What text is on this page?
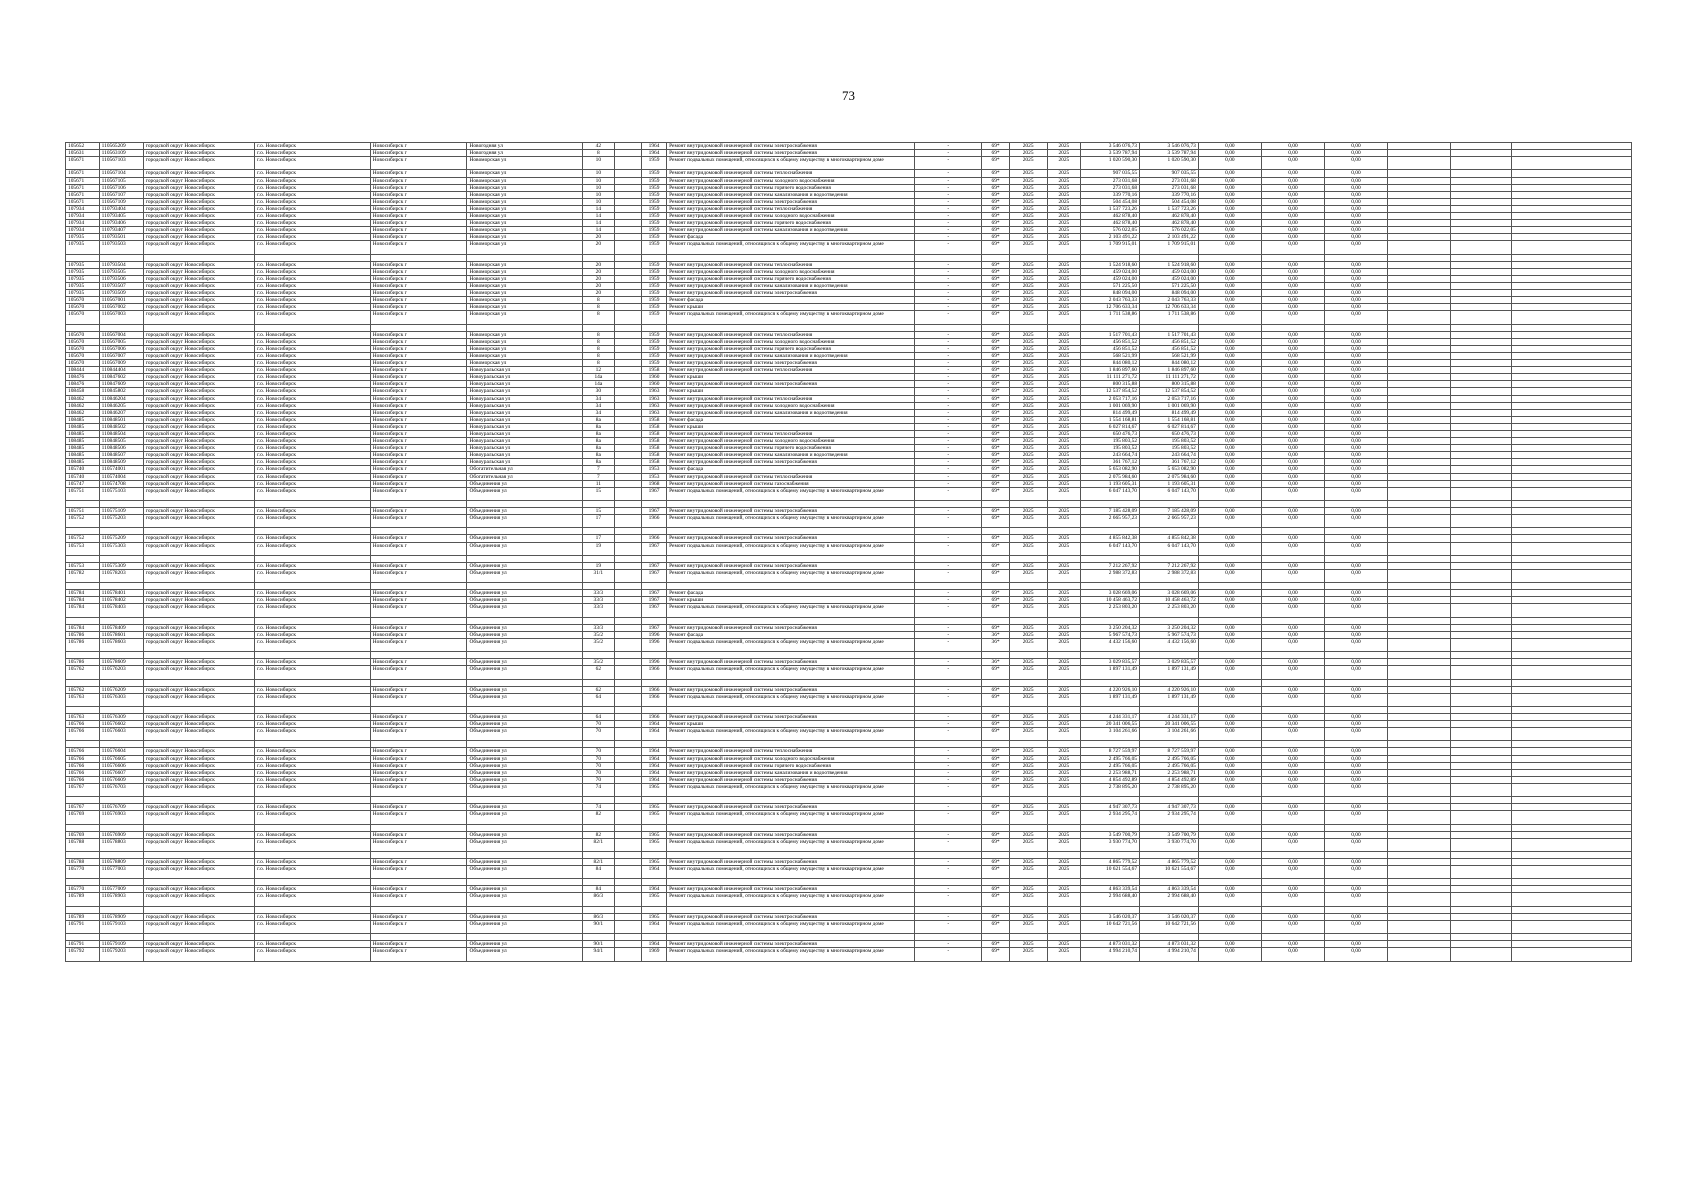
73
105652	110565209	городской округ Новосибирск	г.о. Новосибирск	Новосибирск г	Новогодняя ул	42		1964	Ремонт внутридомовой инженерной системы электроснабжения	-	69*	2025	2025	3 546 076,73	3 546 076,73	0,00	0,00	0,00			
105631	110563109	городской округ Новосибирск	г.о. Новосибирск	Новосибирск г	Новогодняя ул	8		1964	Ремонт внутридомовой инженерной системы электроснабжения	-	69*	2025	2025	3 539 787,94	3 539 787,94	0,00	0,00	0,00			
105671	110567103	городской округ Новосибирск	г.о. Новосибирск	Новосибирск г	Новоморская ул	10		1959	Ремонт подвальных помещений, относящихся к общему имуществу в многоквартирном доме	-	69*	2025	2025	1 020 590,30	1 020 590,30	0,00	0,00	0,00			
105671	110567104	городской округ Новосибирск	г.о. Новосибирск	Новосибирск г	Новоморская ул	10		1959	Ремонт внутридомовой инженерной системы теплоснабжения	-	69*	2025	2025	907 035,55	907 035,55	0,00	0,00	0,00			
105671	110567105	городской округ Новосибирск	г.о. Новосибирск	Новосибирск г	Новоморская ул	10		1959	Ремонт внутридомовой инженерной системы холодного водоснабжения	-	69*	2025	2025	273 031,68	273 031,68	0,00	0,00	0,00			
105671	110567106	городской округ Новосибирск	г.о. Новосибирск	Новосибирск г	Новоморская ул	10		1959	Ремонт внутридомовой инженерной системы горячего водоснабжения	-	69*	2025	2025	273 031,68	273 031,68	0,00	0,00	0,00			
105671	110567107	городской округ Новосибирск	г.о. Новосибирск	Новосибирск г	Новоморская ул	10		1959	Ремонт внутридомовой инженерной системы канализования и водоотведения	-	69*	2025	2025	339 770,16	339 770,16	0,00	0,00	0,00			
105671	110567109	городской округ Новосибирск	г.о. Новосибирск	Новосибирск г	Новоморская ул	10		1959	Ремонт внутридомовой инженерной системы электроснабжения	-	69*	2025	2025	504 454,08	504 454,08	0,00	0,00	0,00			
107934	110793404	городской округ Новосибирск	г.о. Новосибирск	Новосибирск г	Новоморская ул	14		1959	Ремонт внутридомовой инженерной системы теплоснабжения	-	69*	2025	2025	1 537 723,26	1 537 723,26	0,00	0,00	0,00			
107934	110793405	городской округ Новосибирск	г.о. Новосибирск	Новосибирск г	Новоморская ул	14		1959	Ремонт внутридомовой инженерной системы холодного водоснабжения	-	69*	2025	2025	462 878,40	462 878,40	0,00	0,00	0,00			
107934	110793406	городской округ Новосибирск	г.о. Новосибирск	Новосибирск г	Новоморская ул	14		1959	Ремонт внутридомовой инженерной системы горячего водоснабжения	-	69*	2025	2025	462 878,40	462 878,40	0,00	0,00	0,00			
107934	110793407	городской округ Новосибирск	г.о. Новосибирск	Новосибирск г	Новоморская ул	14		1959	Ремонт внутридомовой инженерной системы канализования и водоотведения	-	69*	2025	2025	576 022,05	576 022,05	0,00	0,00	0,00			
107935	110793501	городской округ Новосибирск	г.о. Новосибирск	Новосибирск г	Новоморская ул	20		1959	Ремонт фасада	-	69*	2025	2025	2 103 491,22	2 103 491,22	0,00	0,00	0,00			
107935	110793503	городской округ Новосибирск	г.о. Новосибирск	Новосибирск г	Новоморская ул	20		1959	Ремонт подвальных помещений, относящихся к общему имуществу в многоквартирном доме	-	69*	2025	2025	1 709 915,01	1 709 915,01	0,00	0,00	0,00			

107935	110793504	городской округ Новосибирск	г.о. Новосибирск	Новосибирск г	Новоморская ул	20		1959	Ремонт внутридомовой инженерной системы теплоснабжения	-	69*	2025	2025	1 524 918,60	1 524 918,60	0,00	0,00	0,00			
107935	110793505	городской округ Новосибирск	г.о. Новосибирск	Новосибирск г	Новоморская ул	20		1959	Ремонт внутридомовой инженерной системы холодного водоснабжения	-	69*	2025	2025	459 024,00	459 024,00	0,00	0,00	0,00			
107935	110793506	городской округ Новосибирск	г.о. Новосибирск	Новосибирск г	Новоморская ул	20		1959	Ремонт внутридомовой инженерной системы горячего водоснабжения	-	69*	2025	2025	459 024,00	459 024,00	0,00	0,00	0,00			
107935	110793507	городской округ Новосибирск	г.о. Новосибирск	Новосибирск г	Новоморская ул	20		1959	Ремонт внутридомовой инженерной системы канализования и водоотведения	-	69*	2025	2025	571 225,50	571 225,50	0,00	0,00	0,00			
107935	110793509	городской округ Новосибирск	г.о. Новосибирск	Новосибирск г	Новоморская ул	20		1959	Ремонт внутридомовой инженерной системы электроснабжения	-	69*	2025	2025	848 094,00	848 094,00	0,00	0,00	0,00			
105670	110567001	городской округ Новосибирск	г.о. Новосибирск	Новосибирск г	Новоморская ул	8		1959	Ремонт фасада	-	69*	2025	2025	2 043 763,33	2 043 763,33	0,00	0,00	0,00			
105670	110567002	городской округ Новосибирск	г.о. Новосибирск	Новосибирск г	Новоморская ул	8		1959	Ремонт крыши	-	69*	2025	2025	12 706 633,34	12 706 633,34	0,00	0,00	0,00			
105670	110567003	городской округ Новосибирск	г.о. Новосибирск	Новосибирск г	Новоморская ул	8		1959	Ремонт подвальных помещений, относящихся к общему имуществу в многоквартирном доме	-	69*	2025	2025	1 711 538,86	1 711 538,86	0,00	0,00	0,00			

105670	110567004	городской округ Новосибирск	г.о. Новосибирск	Новосибирск г	Новоморская ул	8		1959	Ремонт внутридомовой инженерной системы теплоснабжения	-	69*	2025	2025	1 517 701,43	1 517 701,43	0,00	0,00	0,00			
105670	110567005	городской округ Новосибирск	г.о. Новосибирск	Новосибирск г	Новоморская ул	8		1959	Ремонт внутридомовой инженерной системы холодного водоснабжения	-	69*	2025	2025	456 851,52	456 851,52	0,00	0,00	0,00			
105670	110567006	городской округ Новосибирск	г.о. Новосибирск	Новосибирск г	Новоморская ул	8		1959	Ремонт внутридомовой инженерной системы горячего водоснабжения	-	69*	2025	2025	456 851,52	456 851,52	0,00	0,00	0,00			
105670	110567007	городской округ Новосибирск	г.о. Новосибирск	Новосибирск г	Новоморская ул	8		1959	Ремонт внутридомовой инженерной системы канализования и водоотведения	-	69*	2025	2025	568 521,99	568 521,99	0,00	0,00	0,00			
105670	110567009	городской округ Новосибирск	г.о. Новосибирск	Новосибирск г	Новоморская ул	8		1959	Ремонт внутридомовой инженерной системы электроснабжения	-	69*	2025	2025	844 080,12	844 080,12	0,00	0,00	0,00			
108444	110844404	городской округ Новосибирск	г.о. Новосибирск	Новосибирск г	Новоуральская ул	12		1958	Ремонт внутридомовой инженерной системы теплоснабжения	-	69*	2025	2025	1 846 897,60	1 846 897,60	0,00	0,00	0,00			
108476	110847602	городской округ Новосибирск	г.о. Новосибирск	Новосибирск г	Новоуральская ул	14а		1960	Ремонт крыши	-	69*	2025	2025	11 111 271,72	11 111 271,72	0,00	0,00	0,00			
108476	110847609	городской округ Новосибирск	г.о. Новосибирск	Новосибирск г	Новоуральская ул	14а		1960	Ремонт внутридомовой инженерной системы электроснабжения	-	69*	2025	2025	800 315,88	800 315,88	0,00	0,00	0,00			
108458	110845802	городской округ Новосибирск	г.о. Новосибирск	Новосибирск г	Новоуральская ул	30		1963	Ремонт крыши	-	69*	2025	2025	12 537 854,52	12 537 854,52	0,00	0,00	0,00			
108462	110846204	городской округ Новосибирск	г.о. Новосибирск	Новосибирск г	Новоуральская ул	34		1963	Ремонт внутридомовой инженерной системы теплоснабжения	-	69*	2025	2025	2 053 717,16	2 053 717,16	0,00	0,00	0,00			
108462	110846205	городской округ Новосибирск	г.о. Новосибирск	Новосибирск г	Новоуральская ул	34		1963	Ремонт внутридомовой инженерной системы холодного водоснабжения	-	69*	2025	2025	1 001 069,90	1 001 069,90	0,00	0,00	0,00			
108462	110846207	городской округ Новосибирск	г.о. Новосибирск	Новосибирск г	Новоуральская ул	34		1963	Ремонт внутридомовой инженерной системы канализования и водоотведения	-	69*	2025	2025	814 499,49	814 499,49	0,00	0,00	0,00			
108485	110848501	городской округ Новосибирск	г.о. Новосибирск	Новосибирск г	Новоуральская ул	8а		1958	Ремонт фасада	-	69*	2025	2025	1 554 168,81	1 554 168,81	0,00	0,00	0,00			
108485	110848502	городской округ Новосибирск	г.о. Новосибирск	Новосибирск г	Новоуральская ул	8а		1958	Ремонт крыши	-	69*	2025	2025	6 027 814,67	6 027 814,67	0,00	0,00	0,00			
108485	110848504	городской округ Новосибирск	г.о. Новосибирск	Новосибирск г	Новоуральская ул	8а		1958	Ремонт внутридомовой инженерной системы теплоснабжения	-	69*	2025	2025	650 476,73	650 476,73	0,00	0,00	0,00			
108485	110848505	городской округ Новосибирск	г.о. Новосибирск	Новосибирск г	Новоуральская ул	8а		1958	Ремонт внутридомовой инженерной системы холодного водоснабжения	-	69*	2025	2025	195 803,52	195 803,52	0,00	0,00	0,00			
108485	110848506	городской округ Новосибирск	г.о. Новосибирск	Новосибирск г	Новоуральская ул	8а		1958	Ремонт внутридомовой инженерной системы горячего водоснабжения	-	69*	2025	2025	195 803,52	195 803,52	0,00	0,00	0,00			
108485	110848507	городской округ Новосибирск	г.о. Новосибирск	Новосибирск г	Новоуральская ул	8а		1958	Ремонт внутридомовой инженерной системы канализования и водоотведения	-	69*	2025	2025	243 664,74	243 664,74	0,00	0,00	0,00			
108485	110848509	городской округ Новосибирск	г.о. Новосибирск	Новосибирск г	Новоуральская ул	8а		1958	Ремонт внутридомовой инженерной системы электроснабжения	-	69*	2025	2025	361 767,12	361 767,12	0,00	0,00	0,00			
105740	110574001	городской округ Новосибирск	г.о. Новосибирск	Новосибирск г	Обогатительная ул	7		1953	Ремонт фасада	-	69*	2025	2025	5 653 082,90	5 653 082,90	0,00	0,00	0,00			
105740	110574004	городской округ Новосибирск	г.о. Новосибирск	Новосибирск г	Обогатительная ул	7		1953	Ремонт внутридомовой инженерной системы теплоснабжения	-	69*	2025	2025	2 075 984,60	2 075 984,60	0,00	0,00	0,00			
105747	110574708	городской округ Новосибирск	г.о. Новосибирск	Новосибирск г	Объединения ул	11		1968	Ремонт внутридомовой инженерной системы газоснабжения	-	69*	2025	2025	1 193 605,31	1 193 605,31	0,00	0,00	0,00			
105751	110575103	городской округ Новосибирск	г.о. Новосибирск	Новосибирск г	Объединения ул	15		1967	Ремонт подвальных помещений, относящихся к общему имуществу в многоквартирном доме	-	69*	2025	2025	6 047 143,70	6 047 143,70	0,00	0,00	0,00			

105751	110575109	городской округ Новосибирск	г.о. Новосибирск	Новосибирск г	Объединения ул	15		1967	Ремонт внутридомовой инженерной системы электроснабжения	-	69*	2025	2025	7 185 428,09	7 185 428,09	0,00	0,00	0,00			
105752	110575203	городской округ Новосибирск	г.о. Новосибирск	Новосибирск г	Объединения ул	17		1966	Ремонт подвальных помещений, относящихся к общему имуществу в многоквартирном доме	-	69*	2025	2025	2 665 957,23	2 665 957,23	0,00	0,00	0,00			

105752	110575209	городской округ Новосибирск	г.о. Новосибирск	Новосибирск г	Объединения ул	17		1966	Ремонт внутридомовой инженерной системы электроснабжения	-	69*	2025	2025	4 855 842,38	4 855 842,38	0,00	0,00	0,00			
105753	110575303	городской округ Новосибирск	г.о. Новосибирск	Новосибирск г	Объединения ул	19		1967	Ремонт подвальных помещений, относящихся к общему имуществу в многоквартирном доме	-	69*	2025	2025	6 047 143,70	6 047 143,70	0,00	0,00	0,00			

105753	110575309	городской округ Новосибирск	г.о. Новосибирск	Новосибирск г	Объединения ул	19		1967	Ремонт внутридомовой инженерной системы электроснабжения	-	69*	2025	2025	7 212 267,92	7 212 267,92	0,00	0,00	0,00			
105782	110578203	городской округ Новосибирск	г.о. Новосибирск	Новосибирск г	Объединения ул	31/1		1967	Ремонт подвальных помещений, относящихся к общему имуществу в многоквартирном доме	-	69*	2025	2025	2 988 372,83	2 988 372,83	0,00	0,00	0,00			

105784	110578401	городской округ Новосибирск	г.о. Новосибирск	Новосибирск г	Объединения ул	33/3		1967	Ремонт фасада	-	69*	2025	2025	3 028 669,06	3 028 669,06	0,00	0,00	0,00			
105784	110578402	городской округ Новосибирск	г.о. Новосибирск	Новосибирск г	Объединения ул	33/3		1967	Ремонт крыши	-	69*	2025	2025	10 458 463,72	10 458 463,72	0,00	0,00	0,00			
105784	110578403	городской округ Новосибирск	г.о. Новосибирск	Новосибирск г	Объединения ул	33/3		1967	Ремонт подвальных помещений, относящихся к общему имуществу в многоквартирном доме	-	69*	2025	2025	2 253 803,20	2 253 803,20	0,00	0,00	0,00			

105784	110578409	городской округ Новосибирск	г.о. Новосибирск	Новосибирск г	Объединения ул	33/3		1967	Ремонт внутридомовой инженерной системы электроснабжения	-	69*	2025	2025	3 250 204,32	3 250 204,32	0,00	0,00	0,00			
105786	110578601	городской округ Новосибирск	г.о. Новосибирск	Новосибирск г	Объединения ул	35/2		1996	Ремонт фасада	-	36*	2025	2025	5 967 574,73	5 967 574,73	0,00	0,00	0,00			
105786	110578603	городской округ Новосибирск	г.о. Новосибирск	Новосибирск г	Объединения ул	35/2		1996	Ремонт подвальных помещений, относящихся к общему имуществу в многоквартирном доме	-	36*	2025	2025	4 432 156,60	4 432 156,60	0,00	0,00	0,00			

105786	110578609	городской округ Новосибирск	г.о. Новосибирск	Новосибирск г	Объединения ул	35/2		1996	Ремонт внутридомовой инженерной системы электроснабжения	-	36*	2025	2025	3 029 835,57	3 029 835,57	0,00	0,00	0,00			
105762	110576203	городской округ Новосибирск	г.о. Новосибирск	Новосибирск г	Объединения ул	62		1966	Ремонт подвальных помещений, относящихся к общему имуществу в многоквартирном доме	-	69*	2025	2025	1 897 131,49	1 897 131,49	0,00	0,00	0,00			

105762	110576209	городской округ Новосибирск	г.о. Новосибирск	Новосибирск г	Объединения ул	62		1966	Ремонт внутридомовой инженерной системы электроснабжения	-	69*	2025	2025	4 220 926,10	4 220 926,10	0,00	0,00	0,00			
105763	110576303	городской округ Новосибирск	г.о. Новосибирск	Новосибирск г	Объединения ул	64		1966	Ремонт подвальных помещений, относящихся к общему имуществу в многоквартирном доме	-	69*	2025	2025	1 897 131,49	1 897 131,49	0,00	0,00	0,00			

105763	110576309	городской округ Новосибирск	г.о. Новосибирск	Новосибирск г	Объединения ул	64		1966	Ремонт внутридомовой инженерной системы электроснабжения	-	69*	2025	2025	4 244 331,17	4 244 331,17	0,00	0,00	0,00			
105766	110576602	городской округ Новосибирск	г.о. Новосибирск	Новосибирск г	Объединения ул	70		1964	Ремонт крыши	-	69*	2025	2025	20 341 006,55	20 341 006,55	0,00	0,00	0,00			
105766	110576603	городской округ Новосибирск	г.о. Новосибирск	Новосибирск г	Объединения ул	70		1964	Ремонт подвальных помещений, относящихся к общему имуществу в многоквартирном доме	-	69*	2025	2025	3 104 261,66	3 104 261,66	0,00	0,00	0,00			

105766	110576604	городской округ Новосибирск	г.о. Новосибирск	Новосибирск г	Объединения ул	70		1964	Ремонт внутридомовой инженерной системы теплоснабжения	-	69*	2025	2025	8 727 559,97	8 727 559,97	0,00	0,00	0,00			
105766	110576605	городской округ Новосибирск	г.о. Новосибирск	Новосибирск г	Объединения ул	70		1964	Ремонт внутридомовой инженерной системы холодного водоснабжения	-	69*	2025	2025	2 495 766,05	2 495 766,05	0,00	0,00	0,00			
105766	110576606	городской округ Новосибирск	г.о. Новосибирск	Новосибирск г	Объединения ул	70		1964	Ремонт внутридомовой инженерной системы горячего водоснабжения	-	69*	2025	2025	2 495 766,05	2 495 766,05	0,00	0,00	0,00			
105766	110576607	городской округ Новосибирск	г.о. Новосибирск	Новосибирск г	Объединения ул	70		1964	Ремонт внутридомовой инженерной системы канализования и водоотведения	-	69*	2025	2025	2 253 988,71	2 253 988,71	0,00	0,00	0,00			
105766	110576609	городской округ Новосибирск	г.о. Новосибирск	Новосибирск г	Объединения ул	70		1964	Ремонт внутридомовой инженерной системы электроснабжения	-	69*	2025	2025	4 854 492,89	4 854 492,89	0,00	0,00	0,00			
105767	110576703	городской округ Новосибирск	г.о. Новосибирск	Новосибирск г	Объединения ул	74		1965	Ремонт подвальных помещений, относящихся к общему имуществу в многоквартирном доме	-	69*	2025	2025	2 738 895,20	2 738 895,20	0,00	0,00	0,00			

105767	110576709	городской округ Новосибирск	г.о. Новосибирск	Новосибирск г	Объединения ул	74		1965	Ремонт внутридомовой инженерной системы электроснабжения	-	69*	2025	2025	4 947 307,73	4 947 307,73	0,00	0,00	0,00			
105769	110576903	городской округ Новосибирск	г.о. Новосибирск	Новосибирск г	Объединения ул	82		1965	Ремонт подвальных помещений, относящихся к общему имуществу в многоквартирном доме	-	69*	2025	2025	2 934 295,74	2 934 295,74	0,00	0,00	0,00			

105769	110576909	городской округ Новосибирск	г.о. Новосибирск	Новосибирск г	Объединения ул	82		1965	Ремонт внутридомовой инженерной системы электроснабжения	-	69*	2025	2025	3 549 700,79	3 549 700,79	0,00	0,00	0,00			
105788	110578803	городской округ Новосибирск	г.о. Новосибирск	Новосибирск г	Объединения ул	82/1		1965	Ремонт подвальных помещений, относящихся к общему имуществу в многоквартирном доме	-	69*	2025	2025	3 930 774,70	3 930 774,70	0,00	0,00	0,00			

105788	110578809	городской округ Новосибирск	г.о. Новосибирск	Новосибирск г	Объединения ул	82/1		1965	Ремонт внутридомовой инженерной системы электроснабжения	-	69*	2025	2025	4 865 779,52	4 865 779,52	0,00	0,00	0,00			
105770	110577003	городской округ Новосибирск	г.о. Новосибирск	Новосибирск г	Объединения ул	84		1964	Ремонт подвальных помещений, относящихся к общему имуществу в многоквартирном доме	-	69*	2025	2025	10 621 554,67	10 621 554,67	0,00	0,00	0,00			

105770	110577009	городской округ Новосибирск	г.о. Новосибирск	Новосибирск г	Объединения ул	84		1964	Ремонт внутридомовой инженерной системы электроснабжения	-	69*	2025	2025	4 863 339,54	4 863 339,54	0,00	0,00	0,00			
105789	110578903	городской округ Новосибирск	г.о. Новосибирск	Новосибирск г	Объединения ул	86/3		1965	Ремонт подвальных помещений, относящихся к общему имуществу в многоквартирном доме	-	69*	2025	2025	2 994 688,40	2 994 688,40	0,00	0,00	0,00			

105789	110578909	городской округ Новосибирск	г.о. Новосибирск	Новосибирск г	Объединения ул	86/3		1965	Ремонт внутридомовой инженерной системы электроснабжения	-	69*	2025	2025	3 546 020,37	3 546 020,37	0,00	0,00	0,00			
105791	110579103	городской округ Новосибирск	г.о. Новосибирск	Новосибирск г	Объединения ул	90/1		1964	Ремонт подвальных помещений, относящихся к общему имуществу в многоквартирном доме	-	69*	2025	2025	10 642 721,56	10 642 721,56	0,00	0,00	0,00			

105791	110579109	городской округ Новосибирск	г.о. Новосибирск	Новосибирск г	Объединения ул	90/1		1964	Ремонт внутридомовой инженерной системы электроснабжения	-	69*	2025	2025	4 873 031,32	4 873 031,32	0,00	0,00	0,00			
105792	110579203	городской округ Новосибирск	г.о. Новосибирск	Новосибирск г	Объединения ул	94/1		1969	Ремонт подвальных помещений, относящихся к общему имуществу в многоквартирном доме	-	69*	2025	2025	4 994 210,74	4 994 210,74	0,00	0,00	0,00			
